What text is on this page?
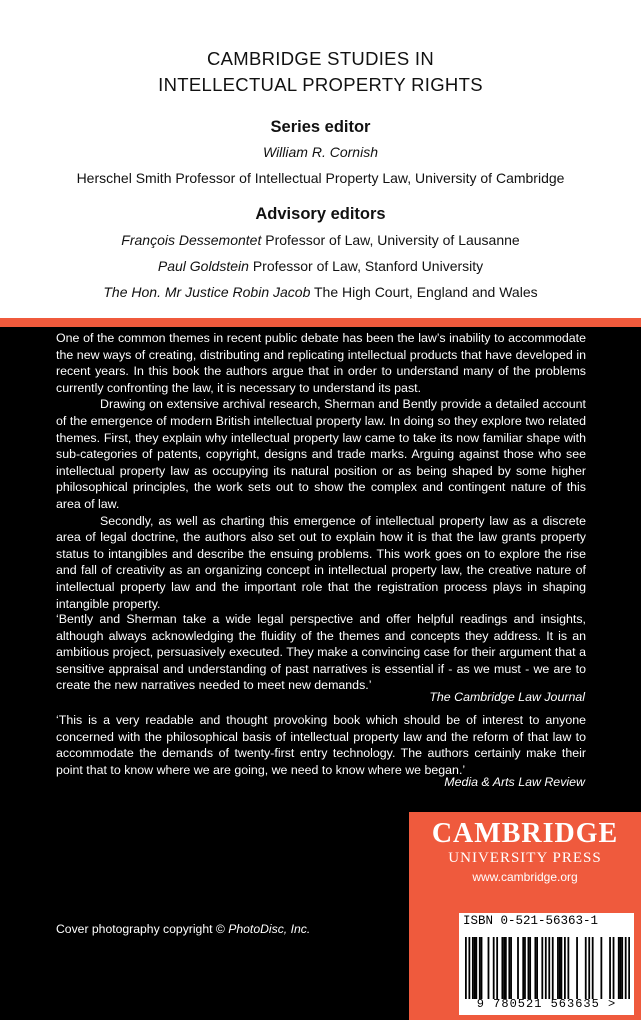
CAMBRIDGE STUDIES IN
INTELLECTUAL PROPERTY RIGHTS
Series editor
William R. Cornish
Herschel Smith Professor of Intellectual Property Law, University of Cambridge
Advisory editors
François Dessemontet Professor of Law, University of Lausanne
Paul Goldstein Professor of Law, Stanford University
The Hon. Mr Justice Robin Jacob The High Court, England and Wales

One of the common themes in recent public debate has been the law’s inability to accommodate the new ways of creating, distributing and replicating intellectual products that have developed in recent years. In this book the authors argue that in order to understand many of the problems currently confronting the law, it is necessary to understand its past.

Drawing on extensive archival research, Sherman and Bently provide a detailed account of the emergence of modern British intellectual property law. In doing so they explore two related themes. First, they explain why intellectual property law came to take its now familiar shape with sub-categories of patents, copyright, designs and trade marks. Arguing against those who see intellectual property law as occupying its natural position or as being shaped by some higher philosophical principles, the work sets out to show the complex and contingent nature of this area of law.

Secondly, as well as charting this emergence of intellectual property law as a discrete area of legal doctrine, the authors also set out to explain how it is that the law grants property status to intangibles and describe the ensuing problems. This work goes on to explore the rise and fall of creativity as an organizing concept in intellectual property law, the creative nature of intellectual property law and the important role that the registration process plays in shaping intangible property.

‘Bently and Sherman take a wide legal perspective and offer helpful readings and insights, although always acknowledging the fluidity of the themes and concepts they address. It is an ambitious project, persuasively executed. They make a convincing case for their argument that a sensitive appraisal and understanding of past narratives is essential if - as we must - we are to create the new narratives needed to meet new demands.’
The Cambridge Law Journal
‘This is a very readable and thought provoking book which should be of interest to anyone concerned with the philosophical basis of intellectual property law and the reform of that law to accommodate the demands of twenty-first entry technology. The authors certainly make their point that to know where we are going, we need to know where we began.’
Media & Arts Law Review
Cover photography copyright © PhotoDisc, Inc.
CAMBRIDGE
UNIVERSITY PRESS
www.cambridge.org
ISBN 0-521-56363-1
9 780521 563635 >
